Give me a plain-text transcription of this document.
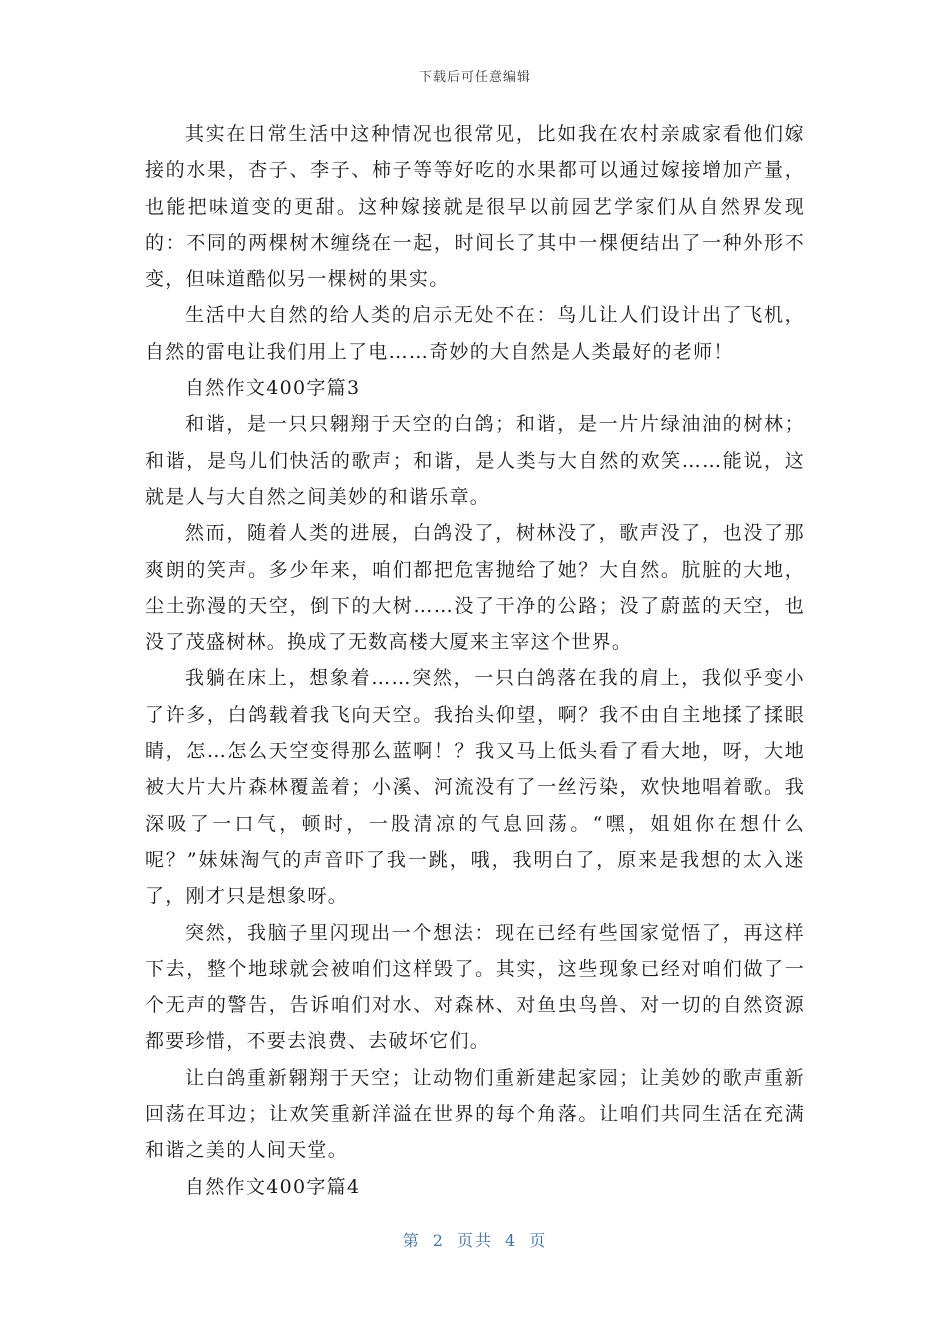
下载后可任意编辑

其实在日常生活中这种情况也很常见，比如我在农村亲戚家看他们嫁接的水果，杏子、李子、柿子等等好吃的水果都可以通过嫁接增加产量，也能把味道变的更甜。这种嫁接就是很早以前园艺学家们从自然界发现的：不同的两棵树木缠绕在一起，时间长了其中一棵便结出了一种外形不变，但味道酷似另一棵树的果实。

生活中大自然的给人类的启示无处不在：鸟儿让人们设计出了飞机，自然的雷电让我们用上了电……奇妙的大自然是人类最好的老师！

自然作文400字篇3

和谐，是一只只翱翔于天空的白鸽；和谐，是一片片绿油油的树林；和谐，是鸟儿们快活的歌声；和谐，是人类与大自然的欢笑……能说，这就是人与大自然之间美妙的和谐乐章。

然而，随着人类的进展，白鸽没了，树林没了，歌声没了，也没了那爽朗的笑声。多少年来，咱们都把危害抛给了她？大自然。肮脏的大地，尘土弥漫的天空，倒下的大树……没了干净的公路；没了蔚蓝的天空，也没了茂盛树林。换成了无数高楼大厦来主宰这个世界。

我躺在床上，想象着……突然，一只白鸽落在我的肩上，我似乎变小了许多，白鸽载着我飞向天空。我抬头仰望，啊？我不由自主地揉了揉眼睛，怎…怎么天空变得那么蓝啊！？我又马上低头看了看大地，呀，大地被大片大片森林覆盖着；小溪、河流没有了一丝污染，欢快地唱着歌。我深吸了一口气，顿时，一股清凉的气息回荡。“嘿，姐姐你在想什么呢？”妹妹淘气的声音吓了我一跳，哦，我明白了，原来是我想的太入迷了，刚才只是想象呀。

突然，我脑子里闪现出一个想法：现在已经有些国家觉悟了，再这样下去，整个地球就会被咱们这样毁了。其实，这些现象已经对咱们做了一个无声的警告，告诉咱们对水、对森林、对鱼虫鸟兽、对一切的自然资源都要珍惜，不要去浪费、去破坏它们。

让白鸽重新翱翔于天空；让动物们重新建起家园；让美妙的歌声重新回荡在耳边；让欢笑重新洋溢在世界的每个角落。让咱们共同生活在充满和谐之美的人间天堂。

自然作文400字篇4

第 2 页共 4 页
